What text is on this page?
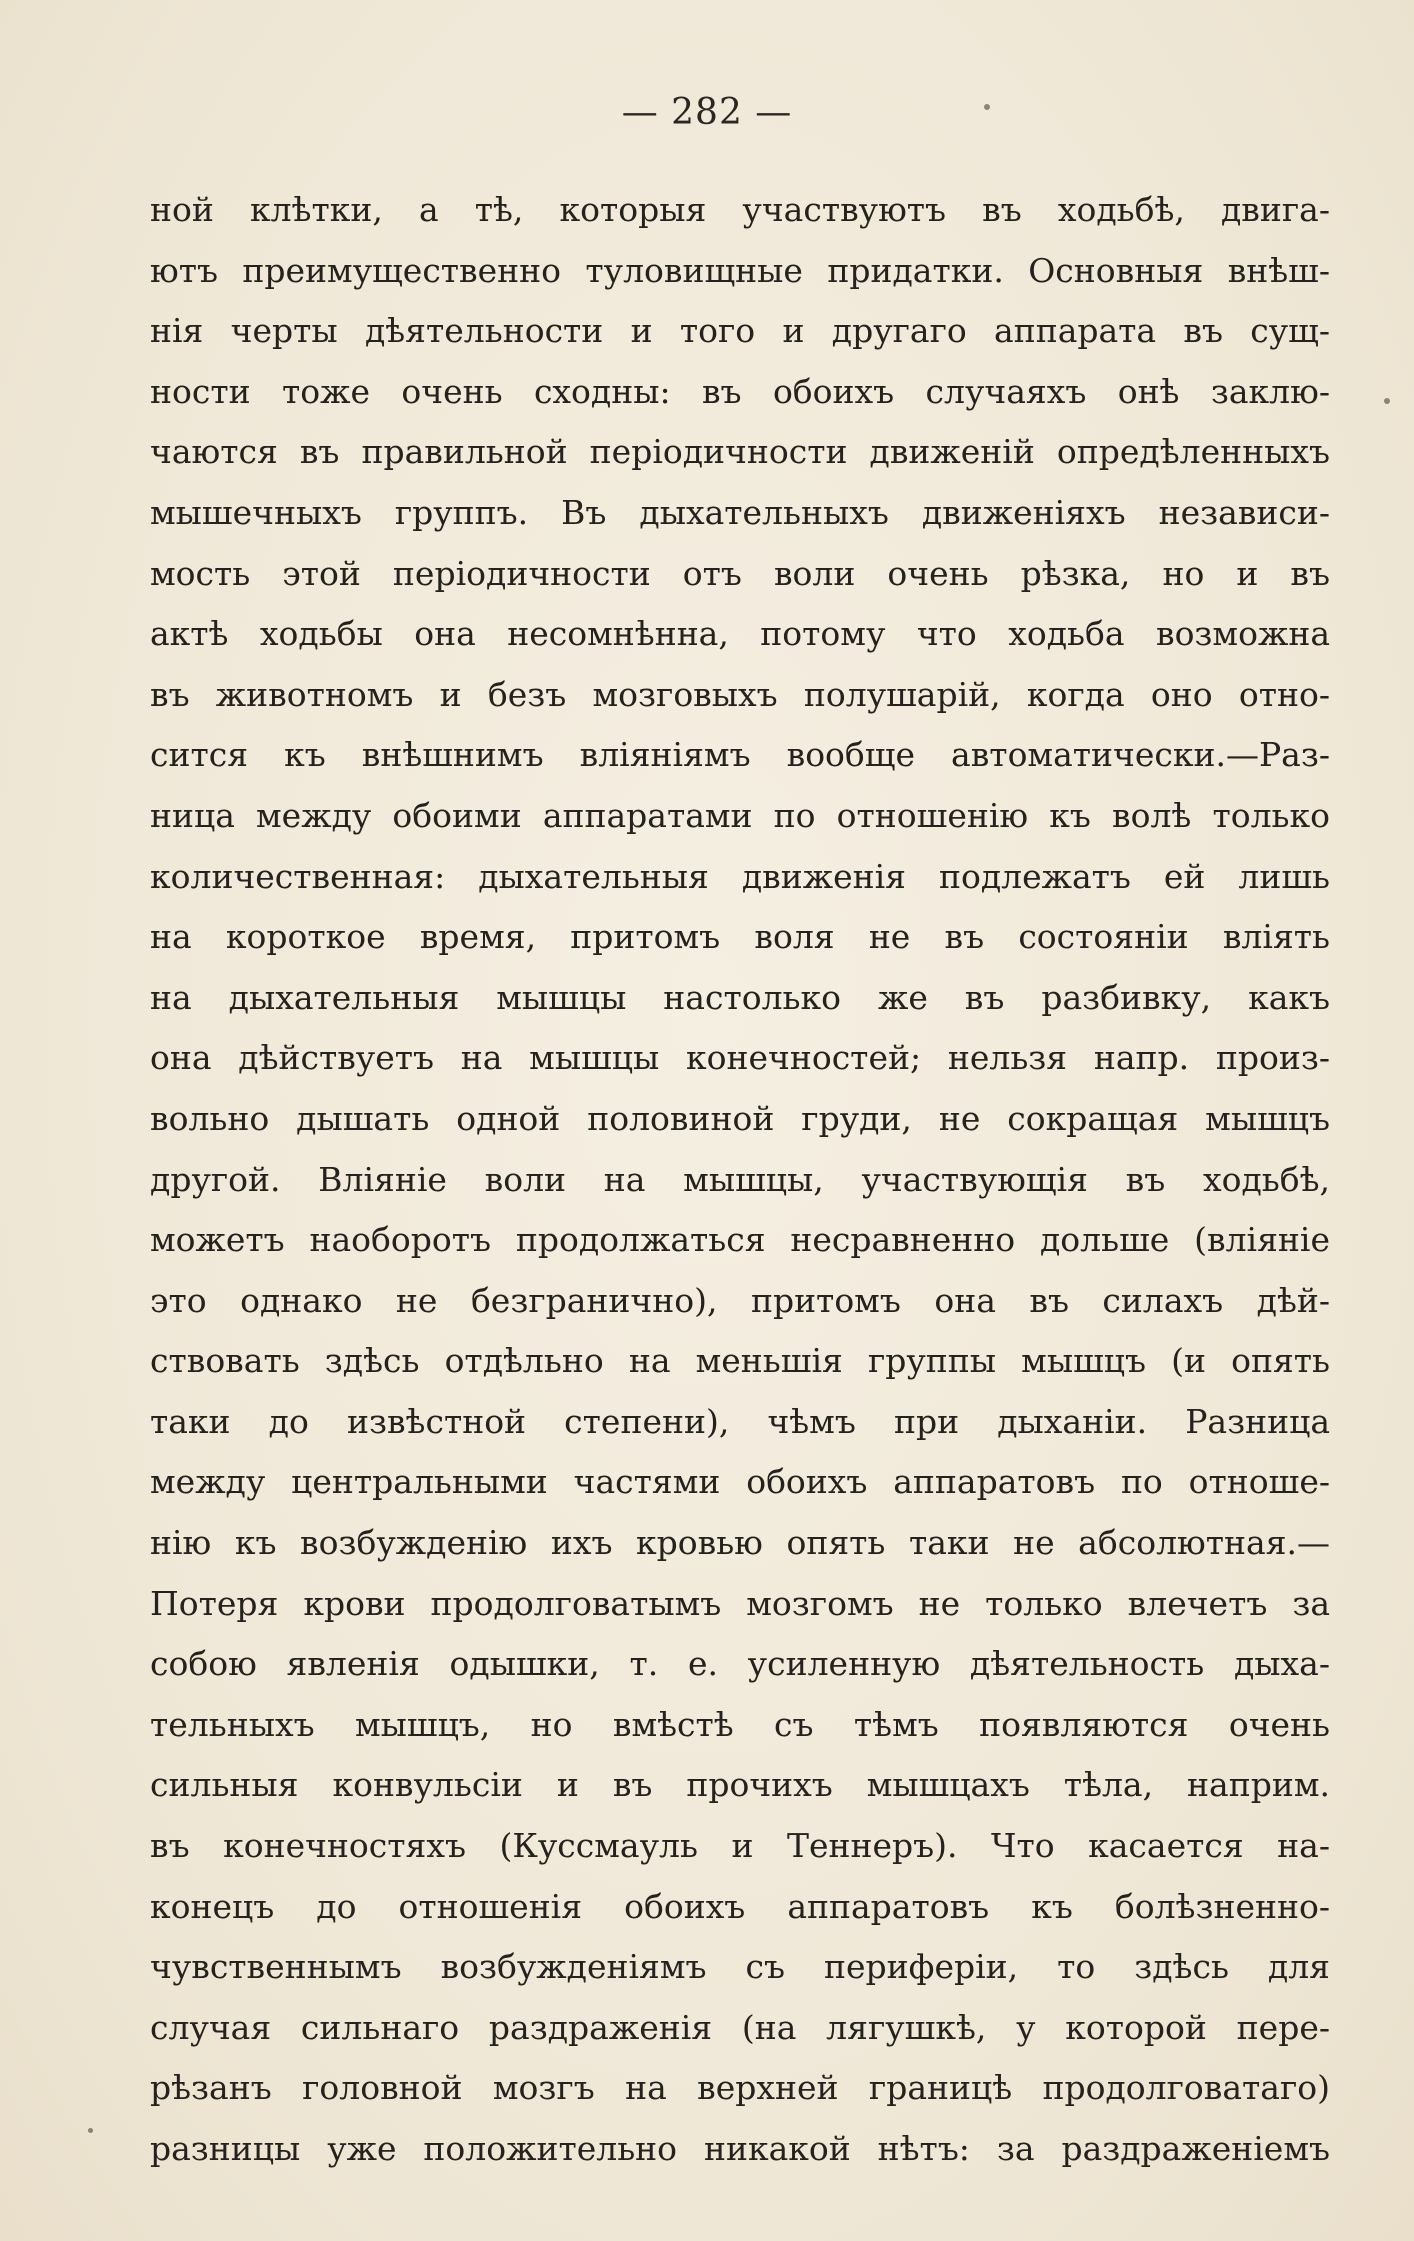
— 282 —
ной клѣтки, а тѣ, которыя участвуютъ въ ходьбѣ, двига-
ютъ преимущественно туловищные придатки. Основныя внѣш-
нія черты дѣятельности и того и другаго аппарата въ сущ-
ности тоже очень сходны: въ обоихъ случаяхъ онѣ заклю-
чаются въ правильной періодичности движеній опредѣленныхъ
мышечныхъ группъ. Въ дыхательныхъ движеніяхъ независи-
мость этой періодичности отъ воли очень рѣзка, но и въ
актѣ ходьбы она несомнѣнна, потому что ходьба возможна
въ животномъ и безъ мозговыхъ полушарій, когда оно отно-
сится къ внѣшнимъ вліяніямъ вообще автоматически.—Раз-
ница между обоими аппаратами по отношенію къ волѣ только
количественная: дыхательныя движенія подлежатъ ей лишь
на короткое время, притомъ воля не въ состояніи вліять
на дыхательныя мышцы настолько же въ разбивку, какъ
она дѣйствуетъ на мышцы конечностей; нельзя напр. произ-
вольно дышать одной половиной груди, не сокращая мышцъ
другой. Вліяніе воли на мышцы, участвующія въ ходьбѣ,
можетъ наоборотъ продолжаться несравненно дольше (вліяніе
это однако не безгранично), притомъ она въ силахъ дѣй-
ствовать здѣсь отдѣльно на меньшія группы мышцъ (и опять
таки до извѣстной степени), чѣмъ при дыханіи. Разница
между центральными частями обоихъ аппаратовъ по отноше-
нію къ возбужденію ихъ кровью опять таки не абсолютная.—
Потеря крови продолговатымъ мозгомъ не только влечетъ за
собою явленія одышки, т. е. усиленную дѣятельность дыха-
тельныхъ мышцъ, но вмѣстѣ съ тѣмъ появляются очень
сильныя конвульсіи и въ прочихъ мышцахъ тѣла, наприм.
въ конечностяхъ (Куссмауль и Теннеръ). Что касается на-
конецъ до отношенія обоихъ аппаратовъ къ болѣзненно-
чувственнымъ возбужденіямъ съ периферіи, то здѣсь для
случая сильнаго раздраженія (на лягушкѣ, у которой пере-
рѣзанъ головной мозгъ на верхней границѣ продолговатаго)
разницы уже положительно никакой нѣтъ: за раздраженіемъ
